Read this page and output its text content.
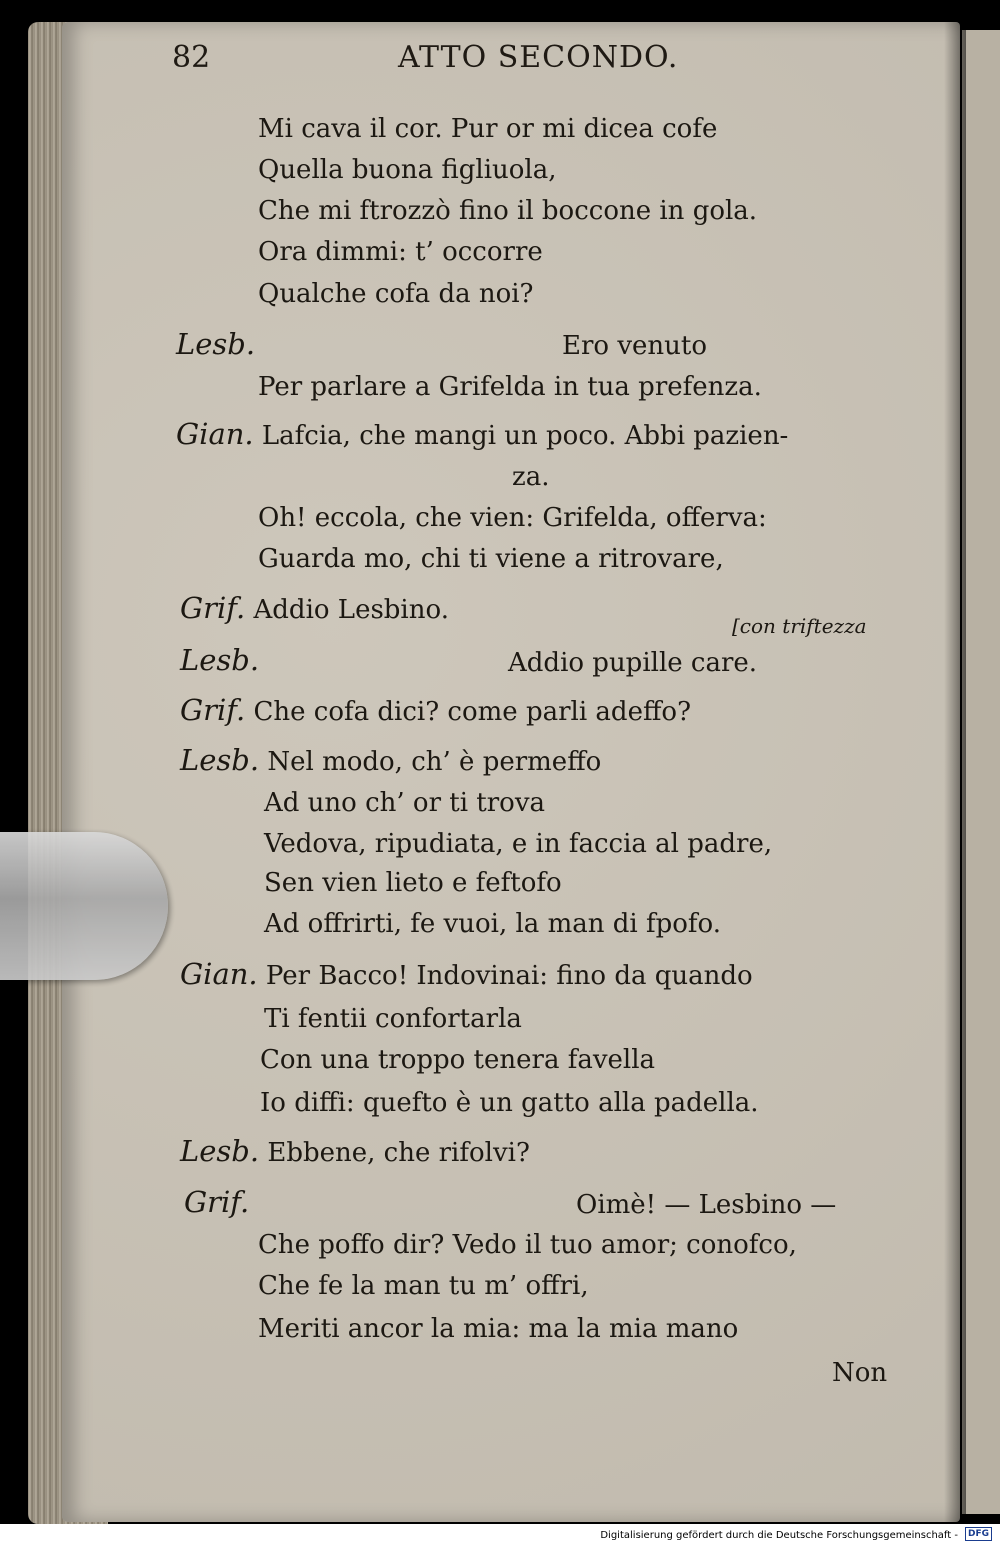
82	ATTO SECONDO.
Mi cava il cor. Pur or mi dicea cofe
Quella buona figliuola,
Che mi ftrozzò fino il boccone in gola.
Ora dimmi: t’ occorre
Qualche cofa da noi?
Lesb.	Ero venuto
Per parlare a Grifelda in tua prefenza.
Gian. Lafcia, che mangi un poco. Abbi pazien-
za.
Oh! eccola, che vien: Grifelda, offerva:
Guarda mo, chi ti viene a ritrovare,
Grif. Addio Lesbino.
[con triftezza
Lesb.	Addio pupille care.
Grif. Che cofa dici? come parli adeffo?
Lesb. Nel modo, ch’ è permeffo
Ad uno ch’ or ti trova
Vedova, ripudiata, e in faccia al padre,
Sen vien lieto e feftofo
Ad offrirti, fe vuoi, la man di fpofo.
Gian. Per Bacco! Indovinai: fino da quando
Ti fentii confortarla
Con una troppo tenera favella
Io diffi: quefto è un gatto alla padella.
Lesb. Ebbene, che rifolvi?
Grif.	Oimè! — Lesbino —
Che poffo dir? Vedo il tuo amor; conofco,
Che fe la man tu m’ offri,
Meriti ancor la mia: ma la mia mano
Non
Digitalisierung gefördert durch die Deutsche Forschungsgemeinschaft -	DFG
